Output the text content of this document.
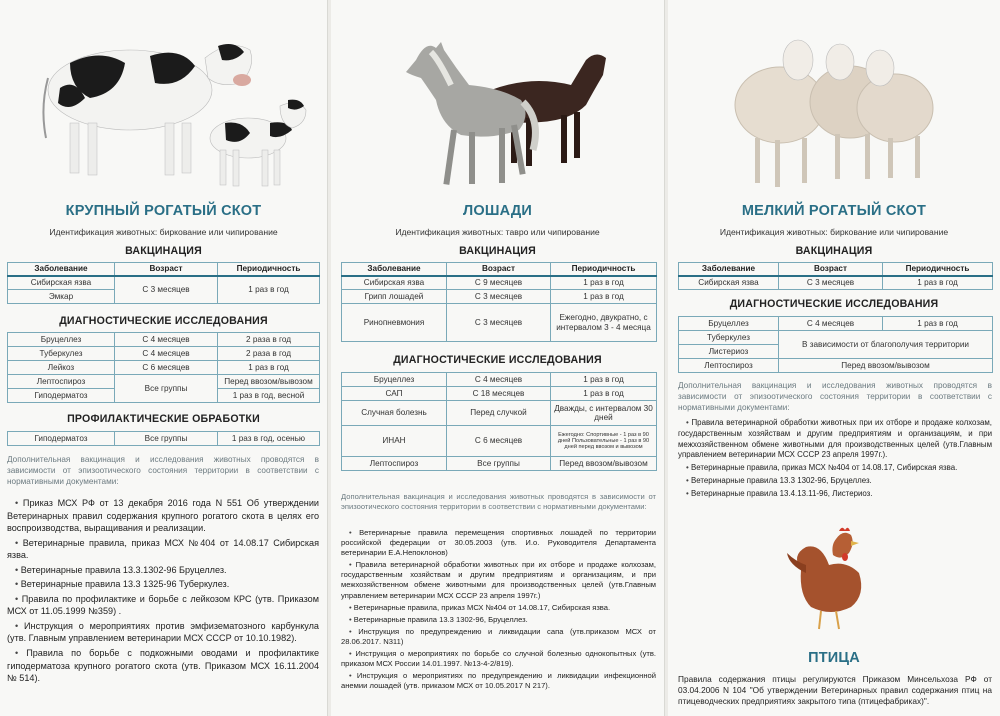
КРУПНЫЙ РОГАТЫЙ СКОТ
Идентификация животных: биркование или чипирование
ВАКЦИНАЦИЯ
Заболевание	Возраст	Периодичность
Сибирская язва	С 3 месяцев	1 раз в год
Эмкар		
ДИАГНОСТИЧЕСКИЕ ИССЛЕДОВАНИЯ
Бруцеллез	С 4 месяцев	2 раза в год
Туберкулез	С 4 месяцев	2 раза в год
Лейкоз	С 6 месяцев	1 раз в год
Лептоспироз	Все группы	Перед ввозом/вывозом
Гиподерматоз		1 раз в год, весной
ПРОФИЛАКТИЧЕСКИЕ ОБРАБОТКИ
Гиподерматоз	Все группы	1 раз в год, осенью
Дополнительная вакцинация и исследования животных проводятся в зависимости от эпизоотического состояния территории в соответствии с нормативными документами:
• Приказ МСХ РФ от 13 декабря 2016 года N 551 Об утверждении Ветеринарных правил содержания крупного рогатого скота в целях его воспроизводства, выращивания и реализации.
• Ветеринарные правила, приказ МСХ №404 от 14.08.17 Сибирская язва.
• Ветеринарные правила 13.3.1302-96 Бруцеллез.
• Ветеринарные правила 13.3 1325-96 Туберкулез.
• Правила по профилактике и борьбе с лейкозом КРС (утв. Приказом МСХ от 11.05.1999 №359) .
• Инструкция о мероприятиях против эмфизематозного карбункула (утв. Главным управлением ветеринарии МСХ СССР от 10.10.1982).
• Правила по борьбе с подкожными оводами и профилактике гиподерматоза крупного рогатого скота (утв. Приказом МСХ 16.11.2004 № 514).
ЛОШАДИ
Идентификация животных: тавро или чипирование
ВАКЦИНАЦИЯ
Заболевание	Возраст	Периодичность
Сибирская язва	С 9 месяцев	1 раз в год
Грипп лошадей	С 3 месяцев	1 раз в год
Ринопневмония	С 3 месяцев	Ежегодно, двукратно, с интервалом 3 - 4 месяца
ДИАГНОСТИЧЕСКИЕ ИССЛЕДОВАНИЯ
Бруцеллез	С 4 месяцев	1 раз в год
САП	С 18 месяцев	1 раз в год
Случная болезнь	Перед случкой	Дважды, с интервалом 30 дней
ИНАН	С 6 месяцев	Ежегодно: Спортивные - 1 раз в 90 дней Пользовательные - 1 раз в 90 дней перед ввозом и вывозом
Лептоспироз	Все группы	Перед ввозом/вывозом
Дополнительная вакцинация и исследования животных проводятся в зависимости от эпизоотического состояния территории в соответствии с нормативными документами:
• Ветеринарные правила перемещения спортивных лошадей по территории российской федерации от 30.05.2003 (утв. И.о. Руководителя Департамента ветеринарии Е.А.Непоклонов)
• Правила ветеринарной обработки животных при их отборе и продаже колхозам, государственным хозяйствам и другим предприятиям и организациям, и при межхозяйственном обмене животными для производственных целей (утв.Главным управлением ветеринарии МСХ СССР 23 апреля 1997г.)
• Ветеринарные правила, приказ МСХ №404 от 14.08.17, Сибирская язва.
• Ветеринарные правила 13.3 1302-96, Бруцеллез.
• Инструкция по предупреждению и ликвидации сапа (утв.приказом МСХ от 28.06.2017. N311)
• Инструкция о мероприятиях по борьбе со случной болезнью однокопытных (утв. приказом МСХ России 14.01.1997. №13-4-2/819).
• Инструкция о мероприятиях по предупреждению и ликвидации инфекционной анемии лошадей (утв. приказом МСХ от 10.05.2017 N 217).
МЕЛКИЙ РОГАТЫЙ СКОТ
Идентификация животных: биркование или чипирование
ВАКЦИНАЦИЯ
Заболевание	Возраст	Периодичность
Сибирская язва	С 3 месяцев	1 раз в год
ДИАГНОСТИЧЕСКИЕ ИССЛЕДОВАНИЯ
Бруцеллез	С 4 месяцев	1 раз в год
Туберкулез	В зависимости от благополучия территории	
Листериоз		
Лептоспироз	Перед ввозом/вывозом	
Дополнительная вакцинация и исследования животных проводятся в зависимости от эпизоотического состояния территории в соответствии с нормативными документами:
• Правила ветеринарной обработки животных при их отборе и продаже колхозам, государственным хозяйствам и другим предприятиям и организациям, и при межхозяйственном обмене животными для производственных целей (утв.Главным управлением ветеринарии МСХ СССР 23 апреля 1997г.).
• Ветеринарные правила, приказ МСХ №404 от 14.08.17, Сибирская язва.
• Ветеринарные правила 13.3 1302-96, Бруцеллез.
• Ветеринарные правила 13.4.13.11-96, Листериоз.
ПТИЦА
Правила содержания птицы регулируются Приказом Минсельхоза РФ от 03.04.2006 N 104 "Об утверждении Ветеринарных правил содержания птиц на птицеводческих предприятиях закрытого типа (птицефабриках)".
